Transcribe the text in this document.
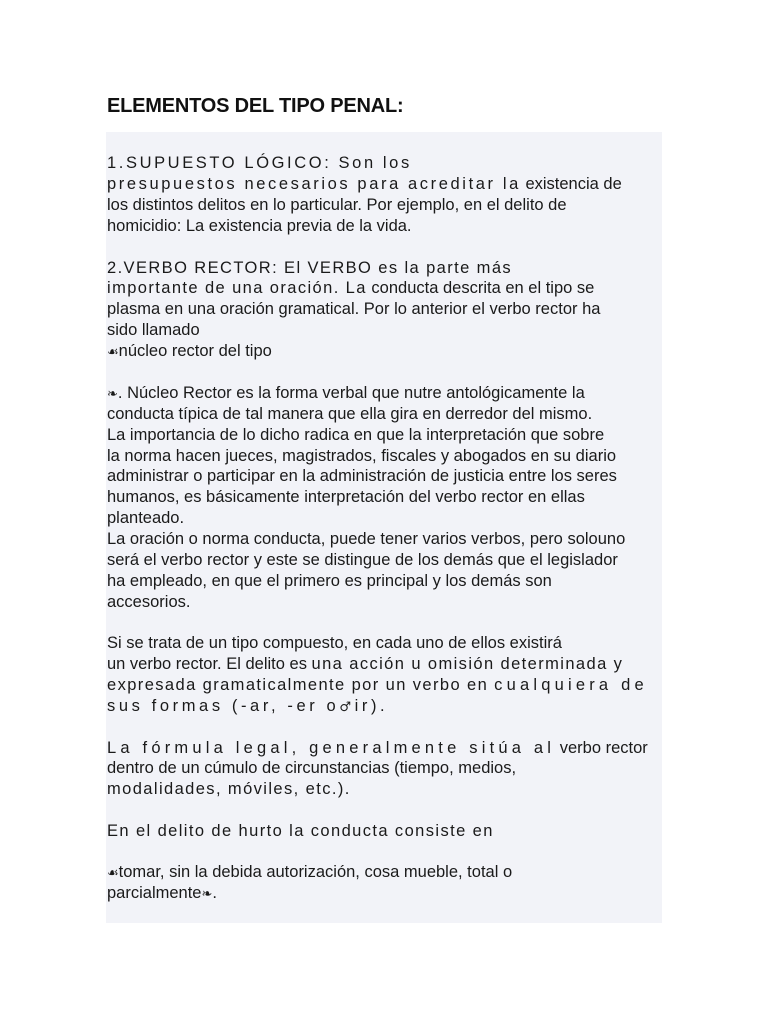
ELEMENTOS DEL TIPO PENAL:
1.SUPUESTO LÓGICO: Son los
presupuestos necesarios para acreditar la existencia de
los distintos delitos en lo particular. Por ejemplo, en el delito de
homicidio: La existencia previa de la vida.
2.VERBO RECTOR: El VERBO es la parte más
importante de una oración. La conducta descrita en el tipo se
plasma en una oración gramatical. Por lo anterior el verbo rector ha
sido llamado
☙núcleo rector del tipo
❧. Núcleo Rector es la forma verbal que nutre antológicamente la
conducta típica de tal manera que ella gira en derredor del mismo.
La importancia de lo dicho radica en que la interpretación que sobre
la norma hacen jueces, magistrados, fiscales y abogados en su diario
administrar o participar en la administración de justicia entre los seres
humanos, es básicamente interpretación del verbo rector en ellas
planteado.
La oración o norma conducta, puede tener varios verbos, pero solouno
será el verbo rector y este se distingue de los demás que el legislador
ha empleado, en que el primero es principal y los demás son
accesorios.
Si se trata de un tipo compuesto, en cada uno de ellos existirá
un verbo rector. El delito es una acción u omisión determinada y
expresada gramaticalmente por un verbo en cualquiera de
sus formas (-ar, -er o♂ir).
La fórmula legal, generalmente sitúa al verbo rector
dentro de un cúmulo de circunstancias (tiempo, medios,
modalidades, móviles, etc.).
En el delito de hurto la conducta consiste en
☙tomar, sin la debida autorización, cosa mueble, total o
parcialmente❧.
